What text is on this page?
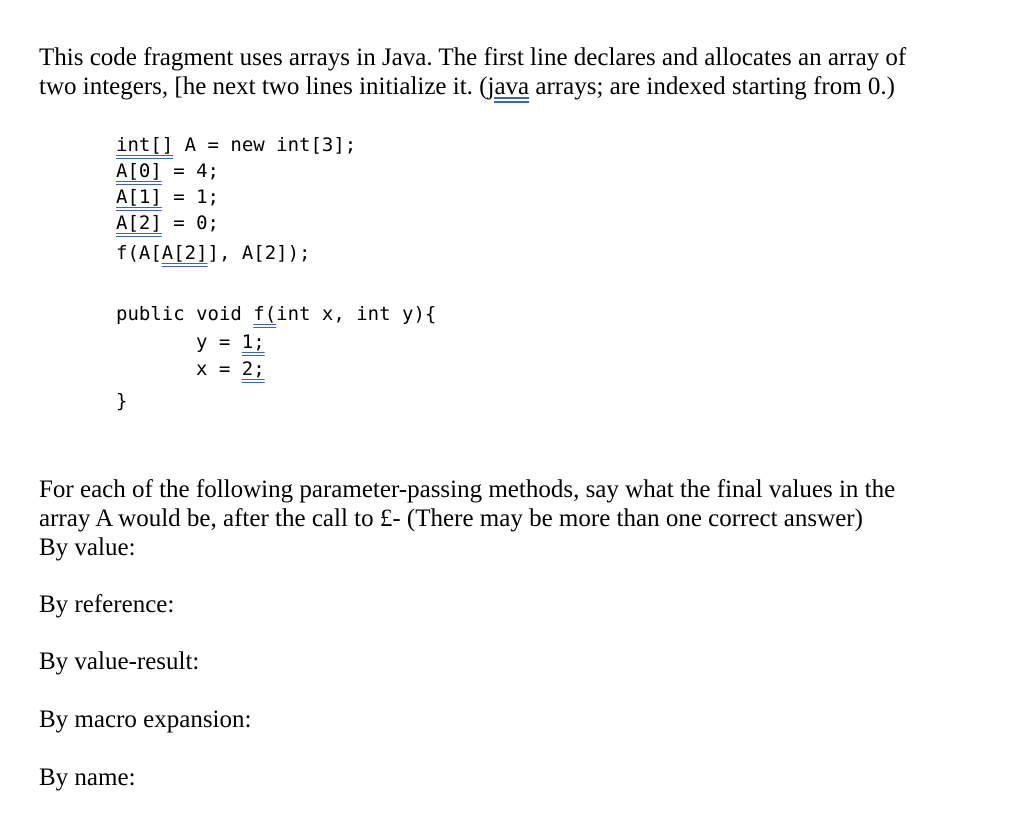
This code fragment uses arrays in Java. The first line declares and allocates an array of
two integers, [he next two lines initialize it. (java arrays; are indexed starting from 0.)
int[] A = new int[3];
A[0] = 4;
A[1] = 1;
A[2] = 0;
f(A[A[2]], A[2]);
public void f(int x, int y){
y = 1;
x = 2;
}
For each of the following parameter-passing methods, say what the final values in the
array A would be, after the call to £- (There may be more than one correct answer)
By value:
By reference:
By value-result:
By macro expansion:
By name:
